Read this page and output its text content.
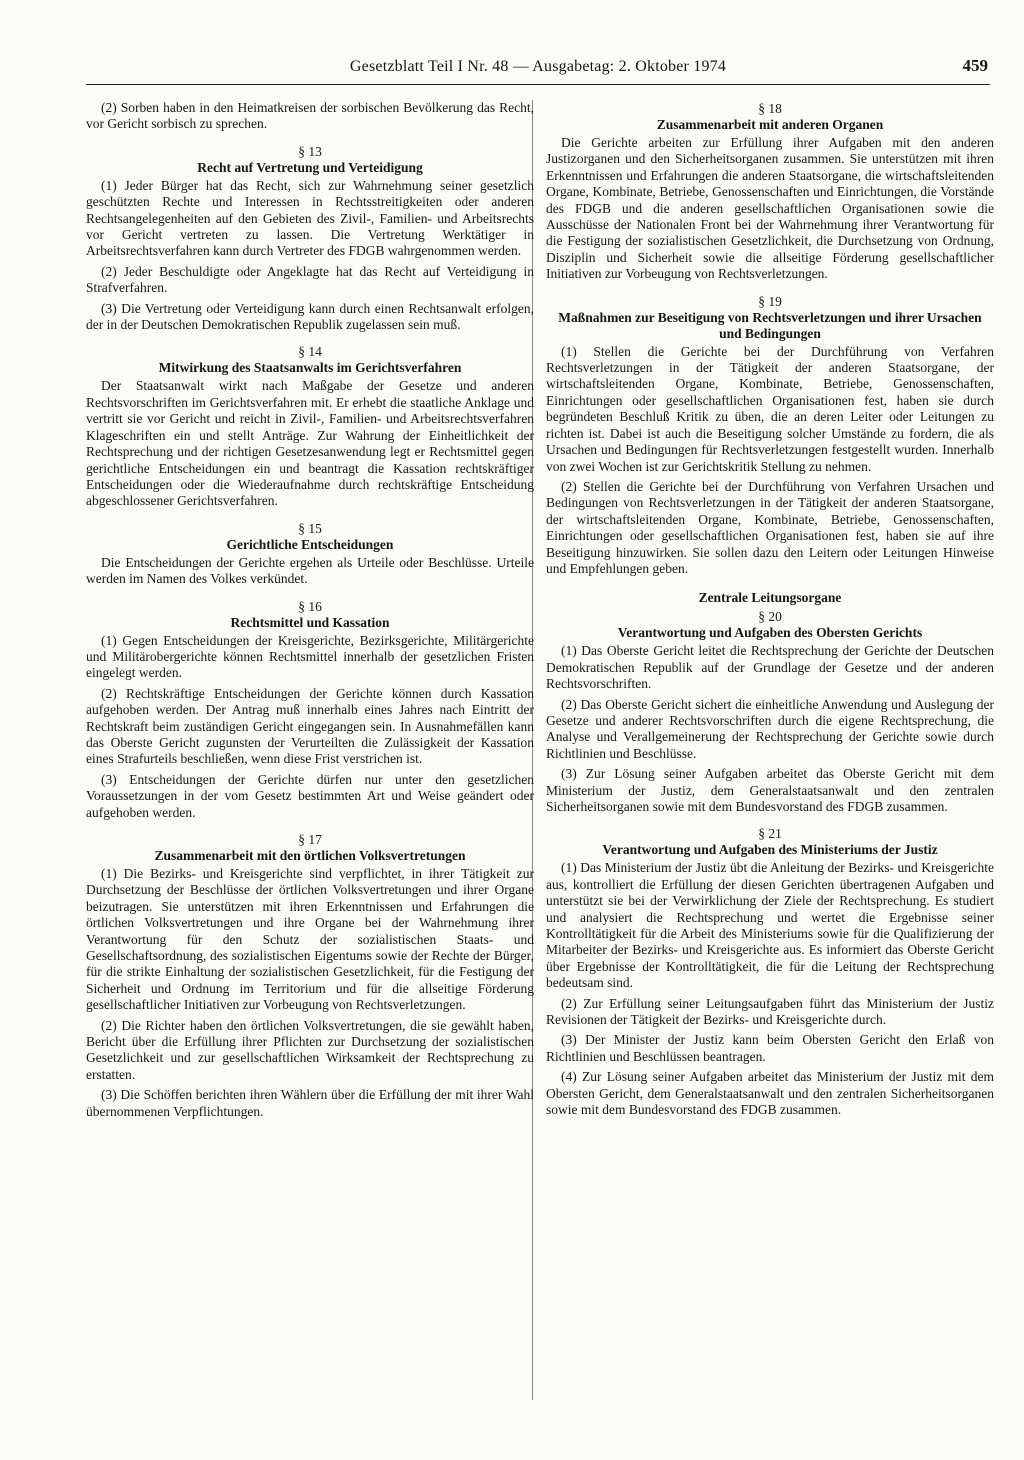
Gesetzblatt Teil I Nr. 48 — Ausgabetag: 2. Oktober 1974	459

(2) Sorben haben in den Heimatkreisen der sorbischen Bevölkerung das Recht, vor Gericht sorbisch zu sprechen.

§ 13
Recht auf Vertretung und Verteidigung

(1) Jeder Bürger hat das Recht, sich zur Wahrnehmung seiner gesetzlich geschützten Rechte und Interessen in Rechtsstreitigkeiten oder anderen Rechtsangelegenheiten auf den Gebieten des Zivil-, Familien- und Arbeitsrechts vor Gericht vertreten zu lassen. Die Vertretung Werktätiger in Arbeitsrechtsverfahren kann durch Vertreter des FDGB wahrgenommen werden.

(2) Jeder Beschuldigte oder Angeklagte hat das Recht auf Verteidigung in Strafverfahren.

(3) Die Vertretung oder Verteidigung kann durch einen Rechtsanwalt erfolgen, der in der Deutschen Demokratischen Republik zugelassen sein muß.

§ 14
Mitwirkung des Staatsanwalts im Gerichtsverfahren

Der Staatsanwalt wirkt nach Maßgabe der Gesetze und anderen Rechtsvorschriften im Gerichtsverfahren mit. Er erhebt die staatliche Anklage und vertritt sie vor Gericht und reicht in Zivil-, Familien- und Arbeitsrechtsverfahren Klageschriften ein und stellt Anträge. Zur Wahrung der Einheitlichkeit der Rechtsprechung und der richtigen Gesetzesanwendung legt er Rechtsmittel gegen gerichtliche Entscheidungen ein und beantragt die Kassation rechtskräftiger Entscheidungen oder die Wiederaufnahme durch rechtskräftige Entscheidung abgeschlossener Gerichtsverfahren.

§ 15
Gerichtliche Entscheidungen

Die Entscheidungen der Gerichte ergehen als Urteile oder Beschlüsse. Urteile werden im Namen des Volkes verkündet.

§ 16
Rechtsmittel und Kassation

(1) Gegen Entscheidungen der Kreisgerichte, Bezirksgerichte, Militärgerichte und Militärobergerichte können Rechtsmittel innerhalb der gesetzlichen Fristen eingelegt werden.

(2) Rechtskräftige Entscheidungen der Gerichte können durch Kassation aufgehoben werden. Der Antrag muß innerhalb eines Jahres nach Eintritt der Rechtskraft beim zuständigen Gericht eingegangen sein. In Ausnahmefällen kann das Oberste Gericht zugunsten der Verurteilten die Zulässigkeit der Kassation eines Strafurteils beschließen, wenn diese Frist verstrichen ist.

(3) Entscheidungen der Gerichte dürfen nur unter den gesetzlichen Voraussetzungen in der vom Gesetz bestimmten Art und Weise geändert oder aufgehoben werden.

§ 17
Zusammenarbeit mit den örtlichen Volksvertretungen

(1) Die Bezirks- und Kreisgerichte sind verpflichtet, in ihrer Tätigkeit zur Durchsetzung der Beschlüsse der örtlichen Volksvertretungen und ihrer Organe beizutragen. Sie unterstützen mit ihren Erkenntnissen und Erfahrungen die örtlichen Volksvertretungen und ihre Organe bei der Wahrnehmung ihrer Verantwortung für den Schutz der sozialistischen Staats- und Gesellschaftsordnung, des sozialistischen Eigentums sowie der Rechte der Bürger, für die strikte Einhaltung der sozialistischen Gesetzlichkeit, für die Festigung der Sicherheit und Ordnung im Territorium und für die allseitige Förderung gesellschaftlicher Initiativen zur Vorbeugung von Rechtsverletzungen.

(2) Die Richter haben den örtlichen Volksvertretungen, die sie gewählt haben, Bericht über die Erfüllung ihrer Pflichten zur Durchsetzung der sozialistischen Gesetzlichkeit und zur gesellschaftlichen Wirksamkeit der Rechtsprechung zu erstatten.

(3) Die Schöffen berichten ihren Wählern über die Erfüllung der mit ihrer Wahl übernommenen Verpflichtungen.

§ 18
Zusammenarbeit mit anderen Organen

Die Gerichte arbeiten zur Erfüllung ihrer Aufgaben mit den anderen Justizorganen und den Sicherheitsorganen zusammen. Sie unterstützen mit ihren Erkenntnissen und Erfahrungen die anderen Staatsorgane, die wirtschaftsleitenden Organe, Kombinate, Betriebe, Genossenschaften und Einrichtungen, die Vorstände des FDGB und die anderen gesellschaftlichen Organisationen sowie die Ausschüsse der Nationalen Front bei der Wahrnehmung ihrer Verantwortung für die Festigung der sozialistischen Gesetzlichkeit, die Durchsetzung von Ordnung, Disziplin und Sicherheit sowie die allseitige Förderung gesellschaftlicher Initiativen zur Vorbeugung von Rechtsverletzungen.

§ 19
Maßnahmen zur Beseitigung von Rechtsverletzungen und ihrer Ursachen und Bedingungen

(1) Stellen die Gerichte bei der Durchführung von Verfahren Rechtsverletzungen in der Tätigkeit der anderen Staatsorgane, der wirtschaftsleitenden Organe, Kombinate, Betriebe, Genossenschaften, Einrichtungen oder gesellschaftlichen Organisationen fest, haben sie durch begründeten Beschluß Kritik zu üben, die an deren Leiter oder Leitungen zu richten ist. Dabei ist auch die Beseitigung solcher Umstände zu fordern, die als Ursachen und Bedingungen für Rechtsverletzungen festgestellt wurden. Innerhalb von zwei Wochen ist zur Gerichtskritik Stellung zu nehmen.

(2) Stellen die Gerichte bei der Durchführung von Verfahren Ursachen und Bedingungen von Rechtsverletzungen in der Tätigkeit der anderen Staatsorgane, der wirtschaftsleitenden Organe, Kombinate, Betriebe, Genossenschaften, Einrichtungen oder gesellschaftlichen Organisationen fest, haben sie auf ihre Beseitigung hinzuwirken. Sie sollen dazu den Leitern oder Leitungen Hinweise und Empfehlungen geben.

Zentrale Leitungsorgane
§ 20
Verantwortung und Aufgaben des Obersten Gerichts

(1) Das Oberste Gericht leitet die Rechtsprechung der Gerichte der Deutschen Demokratischen Republik auf der Grundlage der Gesetze und der anderen Rechtsvorschriften.

(2) Das Oberste Gericht sichert die einheitliche Anwendung und Auslegung der Gesetze und anderer Rechtsvorschriften durch die eigene Rechtsprechung, die Analyse und Verallgemeinerung der Rechtsprechung der Gerichte sowie durch Richtlinien und Beschlüsse.

(3) Zur Lösung seiner Aufgaben arbeitet das Oberste Gericht mit dem Ministerium der Justiz, dem Generalstaatsanwalt und den zentralen Sicherheitsorganen sowie mit dem Bundesvorstand des FDGB zusammen.

§ 21
Verantwortung und Aufgaben des Ministeriums der Justiz

(1) Das Ministerium der Justiz übt die Anleitung der Bezirks- und Kreisgerichte aus, kontrolliert die Erfüllung der diesen Gerichten übertragenen Aufgaben und unterstützt sie bei der Verwirklichung der Ziele der Rechtsprechung. Es studiert und analysiert die Rechtsprechung und wertet die Ergebnisse seiner Kontrolltätigkeit für die Arbeit des Ministeriums sowie für die Qualifizierung der Mitarbeiter der Bezirks- und Kreisgerichte aus. Es informiert das Oberste Gericht über Ergebnisse der Kontrolltätigkeit, die für die Leitung der Rechtsprechung bedeutsam sind.

(2) Zur Erfüllung seiner Leitungsaufgaben führt das Ministerium der Justiz Revisionen der Tätigkeit der Bezirks- und Kreisgerichte durch.

(3) Der Minister der Justiz kann beim Obersten Gericht den Erlaß von Richtlinien und Beschlüssen beantragen.

(4) Zur Lösung seiner Aufgaben arbeitet das Ministerium der Justiz mit dem Obersten Gericht, dem Generalstaatsanwalt und den zentralen Sicherheitsorganen sowie mit dem Bundesvorstand des FDGB zusammen.
